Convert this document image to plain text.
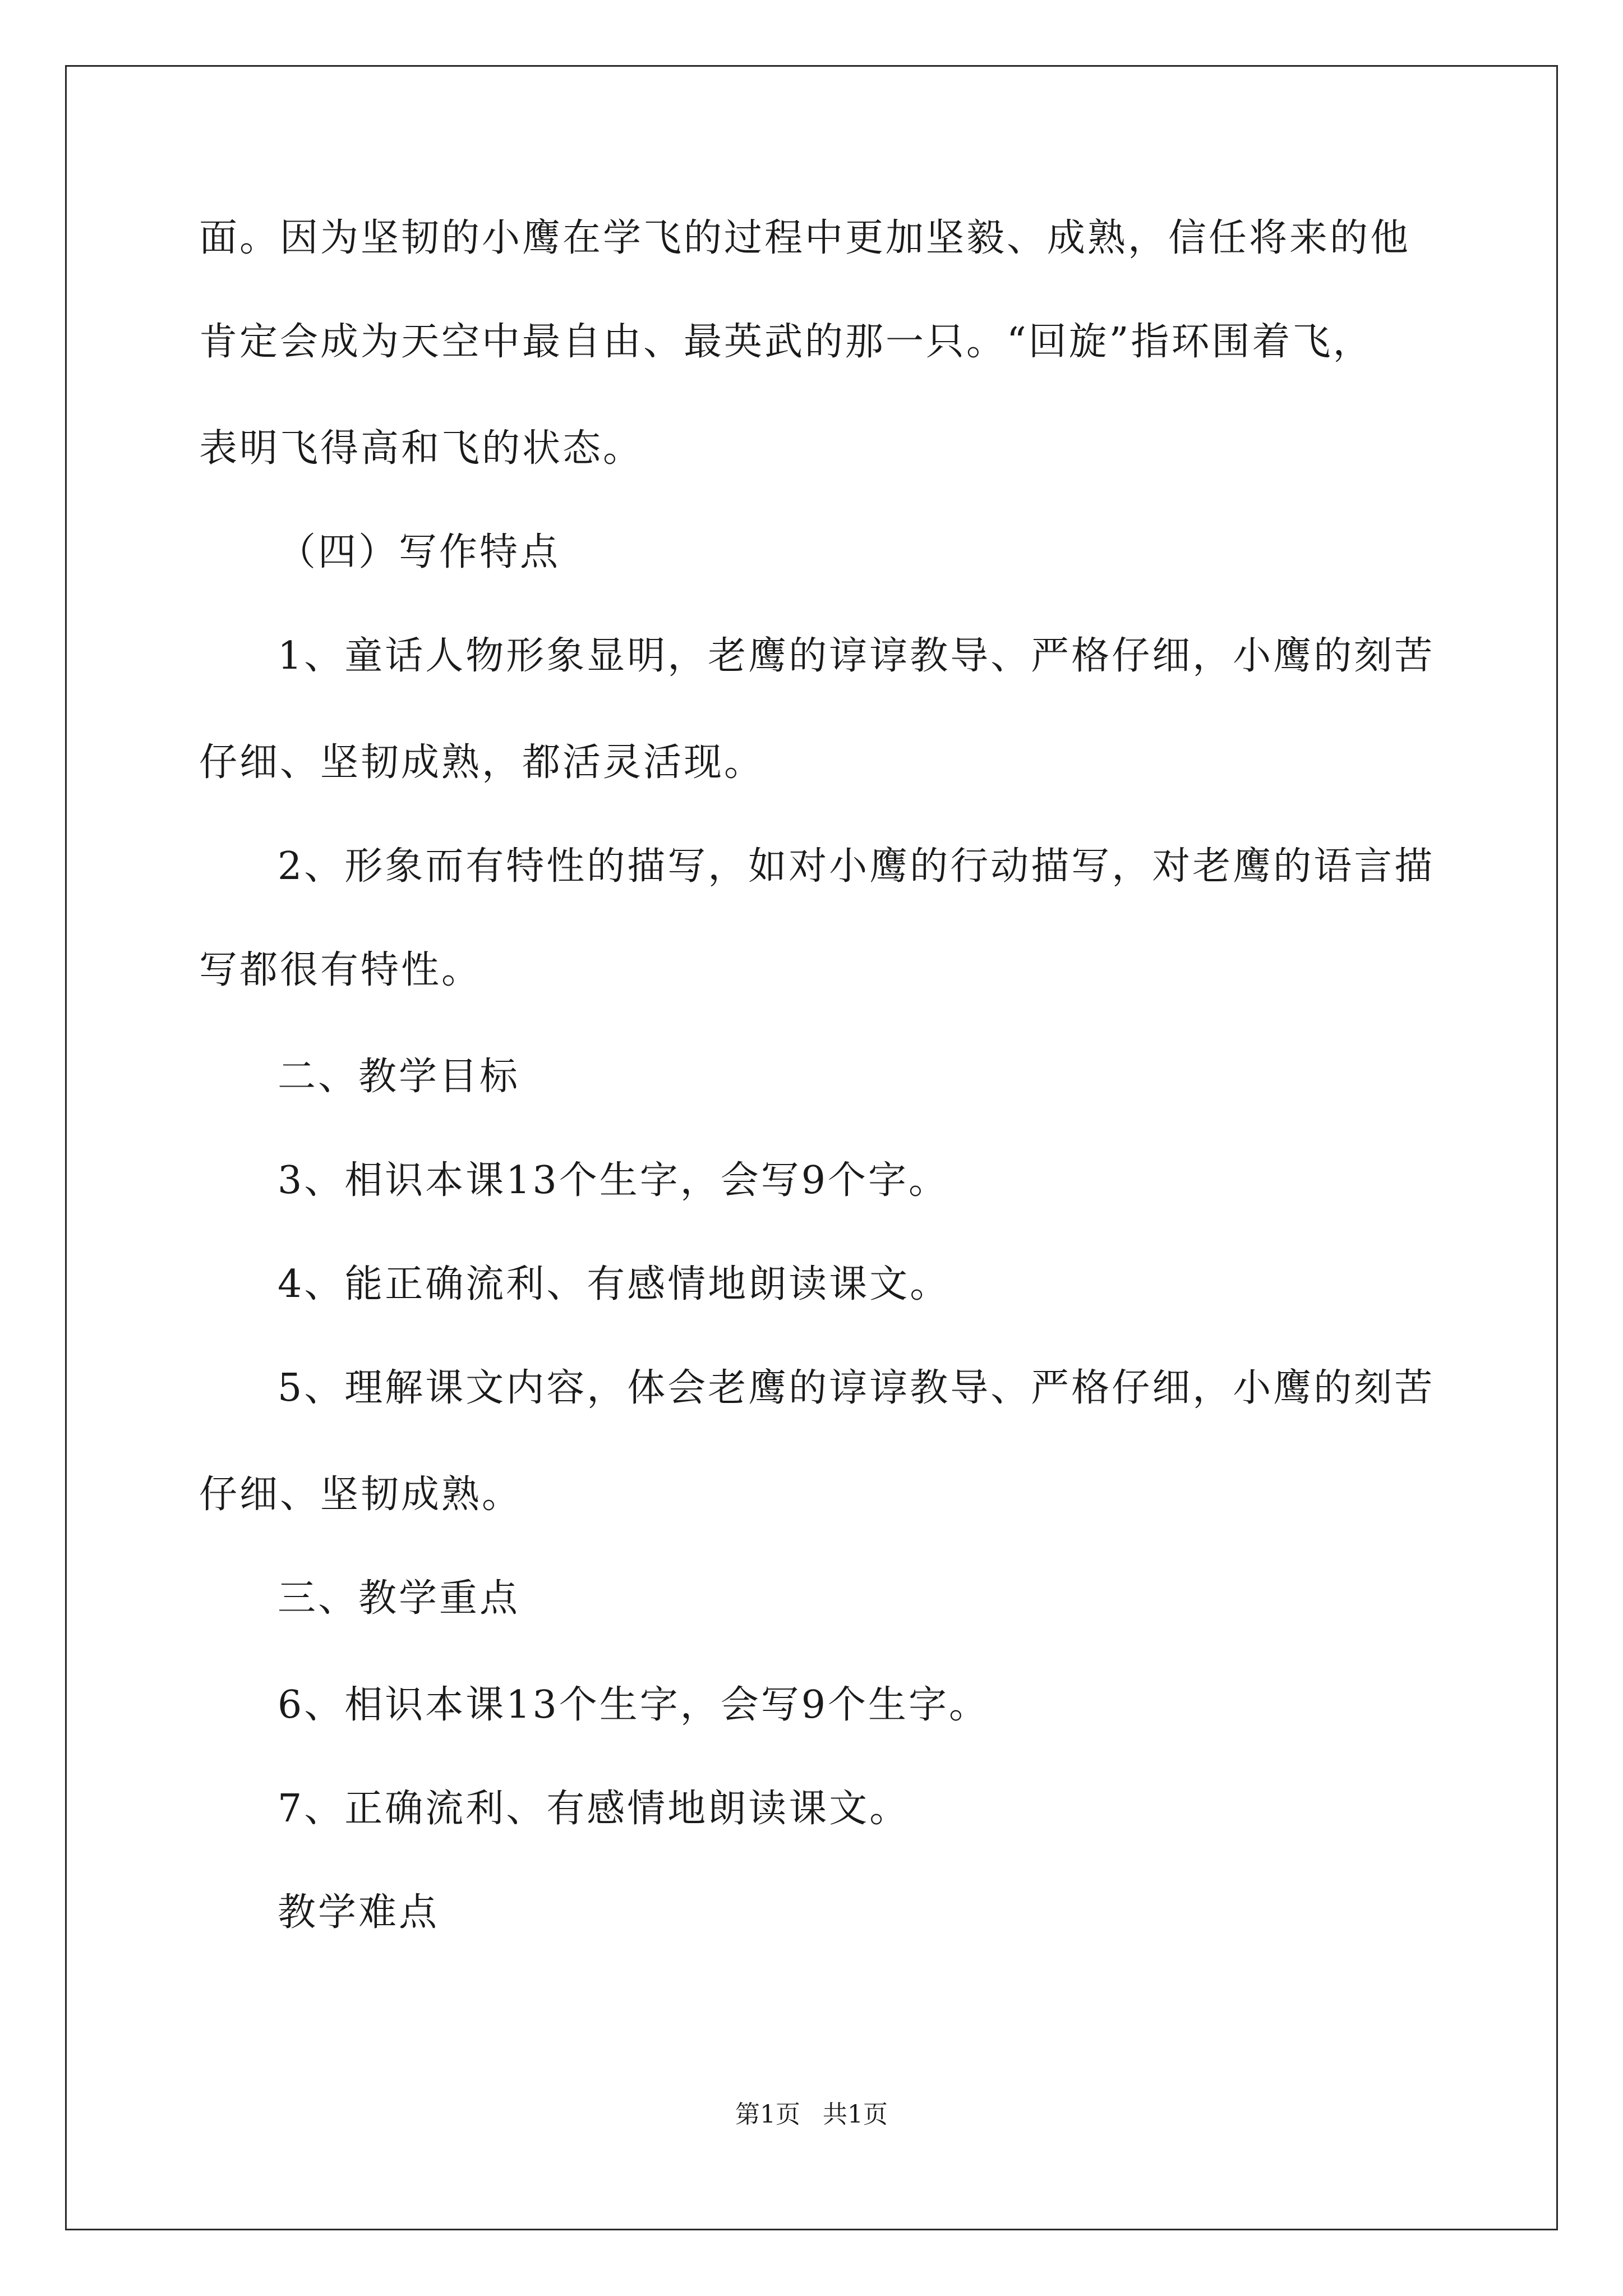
面。因为坚韧的小鹰在学飞的过程中更加坚毅、成熟，信任将来的他
肯定会成为天空中最自由、最英武的那一只。“回旋”指环围着飞，
表明飞得高和飞的状态。
（四）写作特点
1、童话人物形象显明，老鹰的谆谆教导、严格仔细，小鹰的刻苦
仔细、坚韧成熟，都活灵活现。
2、形象而有特性的描写，如对小鹰的行动描写，对老鹰的语言描
写都很有特性。
二、教学目标
3、相识本课13个生字，会写9个字。
4、能正确流利、有感情地朗读课文。
5、理解课文内容，体会老鹰的谆谆教导、严格仔细，小鹰的刻苦
仔细、坚韧成熟。
三、教学重点
6、相识本课13个生字，会写9个生字。
7、正确流利、有感情地朗读课文。
教学难点
第1页 共1页
